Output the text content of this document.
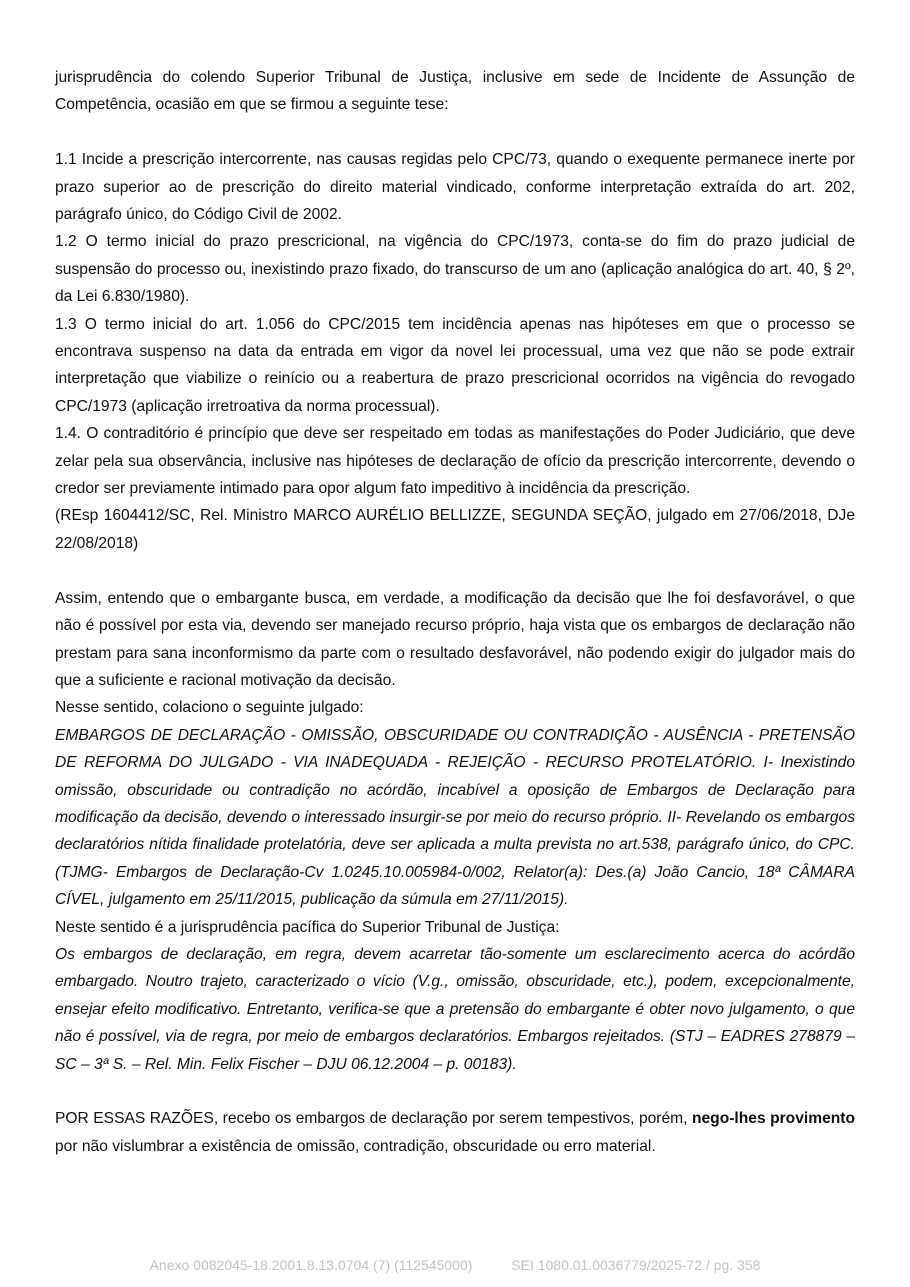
jurisprudência do colendo Superior Tribunal de Justiça, inclusive em sede de Incidente de Assunção de Competência, ocasião em que se firmou a seguinte tese:

1.1 Incide a prescrição intercorrente, nas causas regidas pelo CPC/73, quando o exequente permanece inerte por prazo superior ao de prescrição do direito material vindicado, conforme interpretação extraída do art. 202, parágrafo único, do Código Civil de 2002.

1.2 O termo inicial do prazo prescricional, na vigência do CPC/1973, conta-se do fim do prazo judicial de suspensão do processo ou, inexistindo prazo fixado, do transcurso de um ano (aplicação analógica do art. 40, § 2º, da Lei 6.830/1980).

1.3 O termo inicial do art. 1.056 do CPC/2015 tem incidência apenas nas hipóteses em que o processo se encontrava suspenso na data da entrada em vigor da novel lei processual, uma vez que não se pode extrair interpretação que viabilize o reinício ou a reabertura de prazo prescricional ocorridos na vigência do revogado CPC/1973 (aplicação irretroativa da norma processual).

1.4. O contraditório é princípio que deve ser respeitado em todas as manifestações do Poder Judiciário, que deve zelar pela sua observância, inclusive nas hipóteses de declaração de ofício da prescrição intercorrente, devendo o credor ser previamente intimado para opor algum fato impeditivo à incidência da prescrição.

(REsp 1604412/SC, Rel. Ministro MARCO AURÉLIO BELLIZZE, SEGUNDA SEÇÃO, julgado em 27/06/2018, DJe 22/08/2018)

Assim, entendo que o embargante busca, em verdade, a modificação da decisão que lhe foi desfavorável, o que não é possível por esta via, devendo ser manejado recurso próprio, haja vista que os embargos de declaração não prestam para sana inconformismo da parte com o resultado desfavorável, não podendo exigir do julgador mais do que a suficiente e racional motivação da decisão.

Nesse sentido, colaciono o seguinte julgado:

EMBARGOS DE DECLARAÇÃO - OMISSÃO, OBSCURIDADE OU CONTRADIÇÃO - AUSÊNCIA - PRETENSÃO DE REFORMA DO JULGADO - VIA INADEQUADA - REJEIÇÃO - RECURSO PROTELATÓRIO. I- Inexistindo omissão, obscuridade ou contradição no acórdão, incabível a oposição de Embargos de Declaração para modificação da decisão, devendo o interessado insurgir-se por meio do recurso próprio. II- Revelando os embargos declaratórios nítida finalidade protelatória, deve ser aplicada a multa prevista no art.538, parágrafo único, do CPC. (TJMG- Embargos de Declaração-Cv 1.0245.10.005984-0/002, Relator(a): Des.(a) João Cancio, 18ª CÂMARA CÍVEL, julgamento em 25/11/2015, publicação da súmula em 27/11/2015).

Neste sentido é a jurisprudência pacífica do Superior Tribunal de Justiça:

Os embargos de declaração, em regra, devem acarretar tão-somente um esclarecimento acerca do acórdão embargado. Noutro trajeto, caracterizado o vício (V.g., omissão, obscuridade, etc.), podem, excepcionalmente, ensejar efeito modificativo. Entretanto, verifica-se que a pretensão do embargante é obter novo julgamento, o que não é possível, via de regra, por meio de embargos declaratórios. Embargos rejeitados. (STJ – EADRES 278879 – SC – 3ª S. – Rel. Min. Felix Fischer – DJU 06.12.2004 – p. 00183).

POR ESSAS RAZÕES, recebo os embargos de declaração por serem tempestivos, porém, nego-lhes provimento por não vislumbrar a existência de omissão, contradição, obscuridade ou erro material.

Anexo 0082045-18.2001.8.13.0704 (7) (112545000)	SEI 1080.01.0036779/2025-72 / pg. 358
